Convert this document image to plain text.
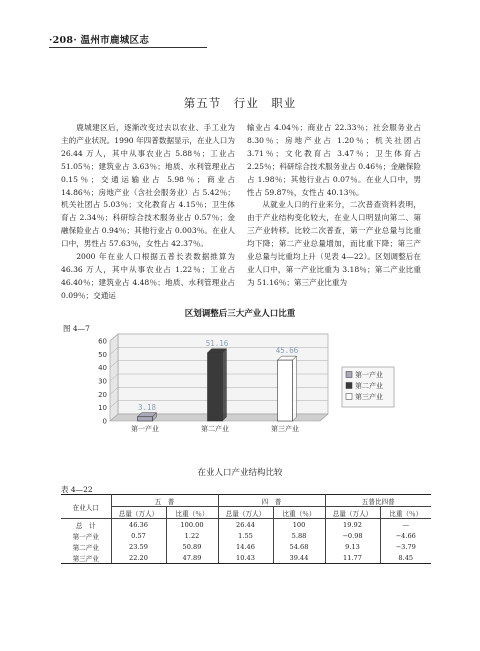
·208· 温州市鹿城区志
第五节　行业　职业

鹿城建区后，逐渐改变过去以农业、手工业为主的产业状况。1990 年四普数据显示，在业人口为 26.44 万人，其中从事农业占 5.88％；工业占 51.05％；建筑业占 3.63％；地质、水利管理业占 0.15％；交通运输业占 5.98％；商业占 14.86％；房地产业（含社会服务业）占 5.42％；机关社团占 5.03％；文化教育占 4.15％；卫生体育占 2.34％；科研综合技术服务业占 0.57％；金融保险业占 0.94％；其他行业占 0.003％。在业人口中，男性占 57.63％，女性占 42.37％。

2000 年在业人口根据五普长表数据推算为 46.36 万人，其中从事农业占 1.22％；工业占 46.40％；建筑业占 4.48％；地质、水利管理业占 0.09％；交通运

输业占 4.04％；商业占 22.33％；社会服务业占 8.30％；房地产业占 1.20％；机关社团占 3.71％；文化教育占 3.47％；卫生体育占 2.25％；科研综合技术服务业占 0.46％；金融保险占 1.98％；其他行业占 0.07％。在业人口中，男性占 59.87％，女性占 40.13％。

从就业人口的行业来分，二次普查资料表明，由于产业结构变化较大，在业人口明显向第二、第三产业转移。比较二次普查，第一产业总量与比重均下降；第二产业总量增加，而比重下降；第三产业总量与比重均上升（见表 4—22）。区划调整后在业人口中，第一产业比重为 3.18％；第二产业比重为 51.16％；第三产业比重为

区划调整后三大产业人口比重
图 4—7
0
10
20
30
40
50
60
3.18
第一产业
51.16
第二产业
45.66
第三产业
第一产业
第二产业
第三产业
在业人口产业结构比较
表 4—22
在业人口	五　普		四　普		五普比四普	
	总量（万人）	比重（％）	总量（万人）	比重（％）	总量（万人）	比重（％）
总　计	46.36	100.00	26.44	100	19.92	—
第一产业	0.57	1.22	1.55	5.88	−0.98	−4.66
第二产业	23.59	50.89	14.46	54.68	9.13	−3.79
第三产业	22.20	47.89	10.43	39.44	11.77	8.45
